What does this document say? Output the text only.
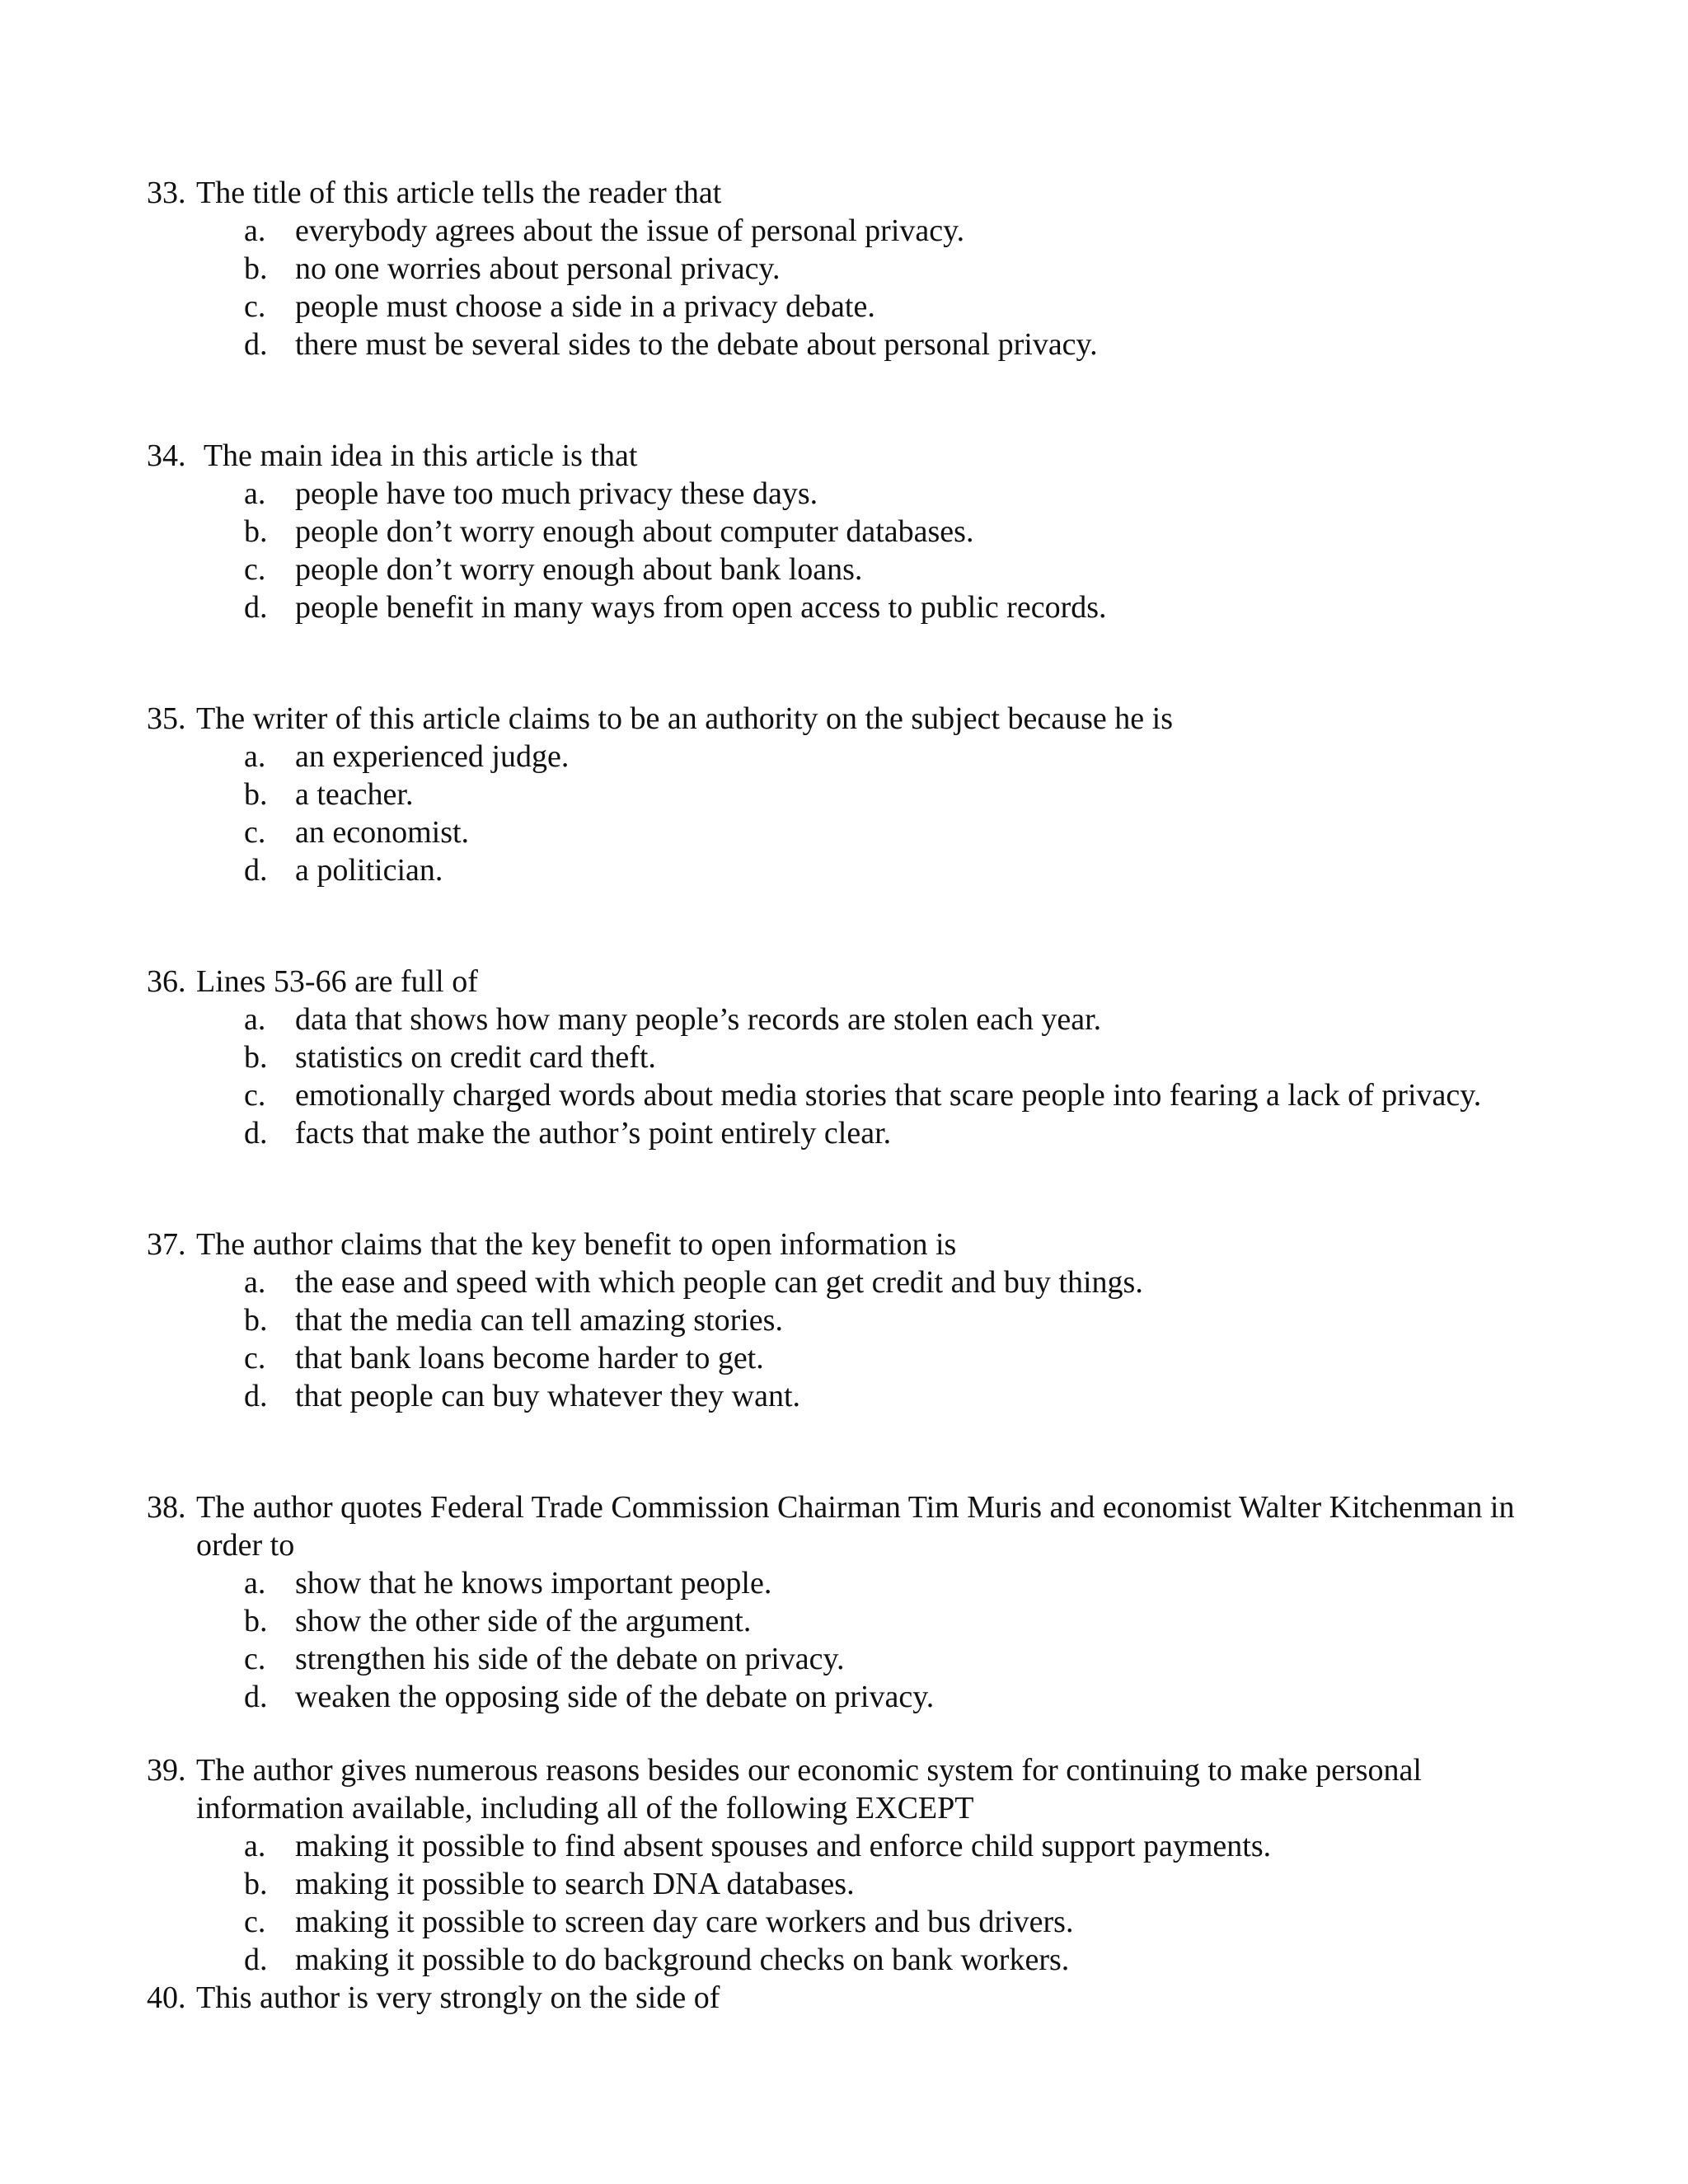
33. The title of this article tells the reader that
a. everybody agrees about the issue of personal privacy.
b. no one worries about personal privacy.
c. people must choose a side in a privacy debate.
d. there must be several sides to the debate about personal privacy.
34. The main idea in this article is that
a. people have too much privacy these days.
b. people don’t worry enough about computer databases.
c. people don’t worry enough about bank loans.
d. people benefit in many ways from open access to public records.
35. The writer of this article claims to be an authority on the subject because he is
a. an experienced judge.
b. a teacher.
c. an economist.
d. a politician.
36. Lines 53-66 are full of
a. data that shows how many people’s records are stolen each year.
b. statistics on credit card theft.
c. emotionally charged words about media stories that scare people into fearing a lack of privacy.
d. facts that make the author’s point entirely clear.
37. The author claims that the key benefit to open information is
a. the ease and speed with which people can get credit and buy things.
b. that the media can tell amazing stories.
c. that bank loans become harder to get.
d. that people can buy whatever they want.
38. The author quotes Federal Trade Commission Chairman Tim Muris and economist Walter Kitchenman in order to
a. show that he knows important people.
b. show the other side of the argument.
c. strengthen his side of the debate on privacy.
d. weaken the opposing side of the debate on privacy.
39. The author gives numerous reasons besides our economic system for continuing to make personal information available, including all of the following EXCEPT
a. making it possible to find absent spouses and enforce child support payments.
b. making it possible to search DNA databases.
c. making it possible to screen day care workers and bus drivers.
d. making it possible to do background checks on bank workers.
40. This author is very strongly on the side of
